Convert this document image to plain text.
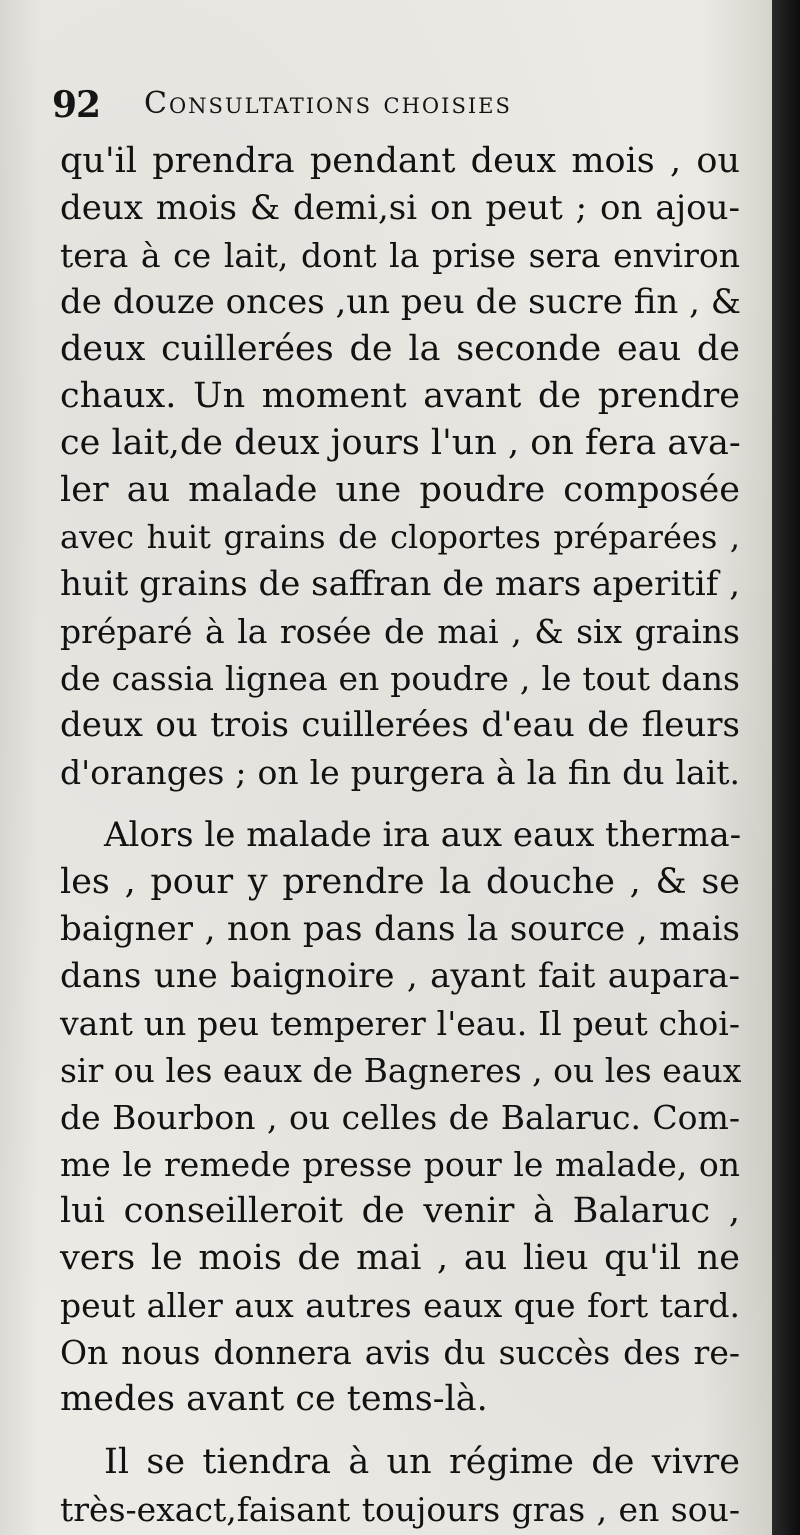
92 Consultations choisies
qu'il prendra pendant deux mois , ou
deux mois & demi,si on peut ; on ajou-
tera à ce lait, dont la prise sera environ
de douze onces ,un peu de sucre fin , &
deux cuillerées de la seconde eau de
chaux. Un moment avant de prendre
ce lait,de deux jours l'un , on fera ava-
ler au malade une poudre composée
avec huit grains de cloportes préparées ,
huit grains de saffran de mars aperitif ,
préparé à la rosée de mai , & six grains
de cassia lignea en poudre , le tout dans
deux ou trois cuillerées d'eau de fleurs
d'oranges ; on le purgera à la fin du lait.
Alors le malade ira aux eaux therma-
les , pour y prendre la douche , & se
baigner , non pas dans la source , mais
dans une baignoire , ayant fait aupara-
vant un peu temperer l'eau. Il peut choi-
sir ou les eaux de Bagneres , ou les eaux
de Bourbon , ou celles de Balaruc. Com-
me le remede presse pour le malade, on
lui conseilleroit de venir à Balaruc ,
vers le mois de mai , au lieu qu'il ne
peut aller aux autres eaux que fort tard.
On nous donnera avis du succès des re-
medes avant ce tems-là.
Il se tiendra à un régime de vivre
très-exact,faisant toujours gras , en sou-
